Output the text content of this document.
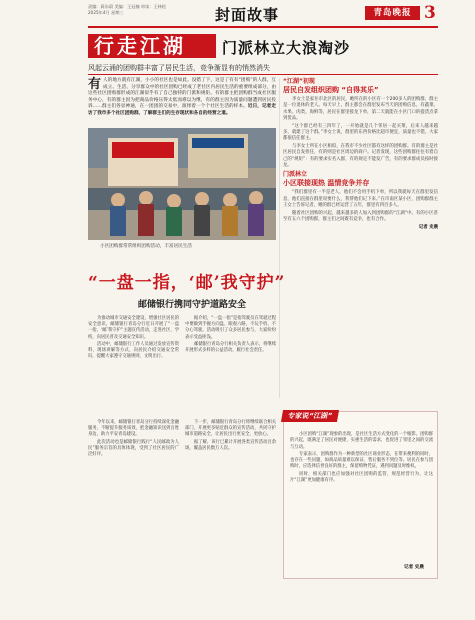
责编：蒋东蔚 美编：王冠楠 审读：王林松
2025年4月 星期三	封面故事	青岛晚报 3
行走江湖	门派林立大浪淘沙
风起云涌的团购群丰富了居民生活，竞争渐显有的悄然消失
有人的地方就有江湖，小小的社区也是如此。没错了下，这是了有有“团购”的人群，互成立、生活、分享群众中的社区团购已经成了老社区内居民生活的重要组成部分，由这些社区团购群形成的江湖似乎有了自己独特的门派和规矩。有的群主把团购群当成社区服务中心，有的群主因为把商品价格压得太低而难以为继，有的群主因为质量问题遭到居民投诉……群主们各显神通，在一团团的交易中，演绎着一个个社区生活的样本。近日，记者走访了我市多个社区团购群，了解群主们的生存现状和各自的经营之道。
小区团购群常常组织团购活动，丰富居民生活
“江湖”初现
居民自发组织团购 “自得其乐”

李女士是家住市北区的居民，她所在的小区有一个200多人的团购群，群主是一位退休的老人。每天早上，群主都会在群里发布当天的团购信息，有蔬菜、水果、肉类、海鲜等，居民在群里接龙下单，第二天就能在小区门口的提货点拿到货品。

“这个群已经有三四年了，一开始就是几个邻居一起买菜，后来人越来越多，就建了这个群。”李女士说，群里的东西价格比超市便宜，质量也不错，大家都很信任群主。

与李女士所在小区相似，在我市不少社区都有这样的团购群。有的群主是社区居民自发担任，有的则是社区周边的商户。记者发现，这些团购群往往有着自己的“规矩”：有的要求实名入群，有的规定不能发广告，有的要求群成员按时接龙。

门派林立
小区联接现热 温情竞争并存

“我们群里有一半是老人，他们不会用手机下单，所以我就每天在群里发信息，他们直接在群里说要什么，我帮他们记下来。”在市南区某小区，团购群群主王女士告诉记者，她的群已经运营了五年，群里有四百多人。

随着社区团购的兴起，越来越多的人加入到团购群的“江湖”中。有的小区甚至有五六个团购群，群主们之间既有竞争，也有合作。

记者 史晨
“一盘一指，‘邮’我守护”
邮储银行携同守护道路安全

为推动城市交通安全建设，增强社区居民的安全意识，邮储银行青岛分行近日开展了“一盘一指，‘邮’我守护”主题宣传活动，走进社区、学校，向居民普及交通安全知识。

活动中，邮储银行工作人员通过发放宣传资料、现场讲解等方式，向居民介绍交通安全常识，提醒大家遵守交通规则，文明出行。

据介绍，“一盘一指”是指驾驶员在驾驶过程中要做到手握方向盘、眼观六路，不玩手机、不分心驾驶。活动吸引了众多居民参与，大家纷纷表示受益匪浅。

邮储银行青岛分行相关负责人表示，将继续开展形式多样的公益活动，履行社会责任。

今年以来，邮储银行青岛分行持续深化金融服务，不断提升服务质效，把金融知识送到百姓身边，助力平安青岛建设。

此次活动也是邮储银行践行“人民邮政为人民”服务宗旨的具体体现，受到了社区居民的广泛好评。

下一步，邮储银行青岛分行将继续联合相关部门，开展更多贴近群众的宣传活动，共同守护城市道路安全，让居民出行更安全、更放心。

据了解，该行已累计开展各类宣传活动百余场，覆盖居民数万人次。

专家说“江湖”

小区团购“江湖”现象的出现，是社区生活方式变化的一个缩影。团购群的兴起，既满足了居民对便捷、实惠生活的需求，也促进了邻里之间的交流与互动。

专家表示，团购群作为一种新型的社区商业形态，在带来便利的同时，也存在一些问题，如商品质量难以保证、售后服务不到位等。居民在参与团购时，应选择信誉良好的群主，保留购物凭证，遇到问题及时维权。

同时，相关部门也应加强对社区团购的监管，规范经营行为，让这片“江湖”更加健康有序。

记者 史晨
